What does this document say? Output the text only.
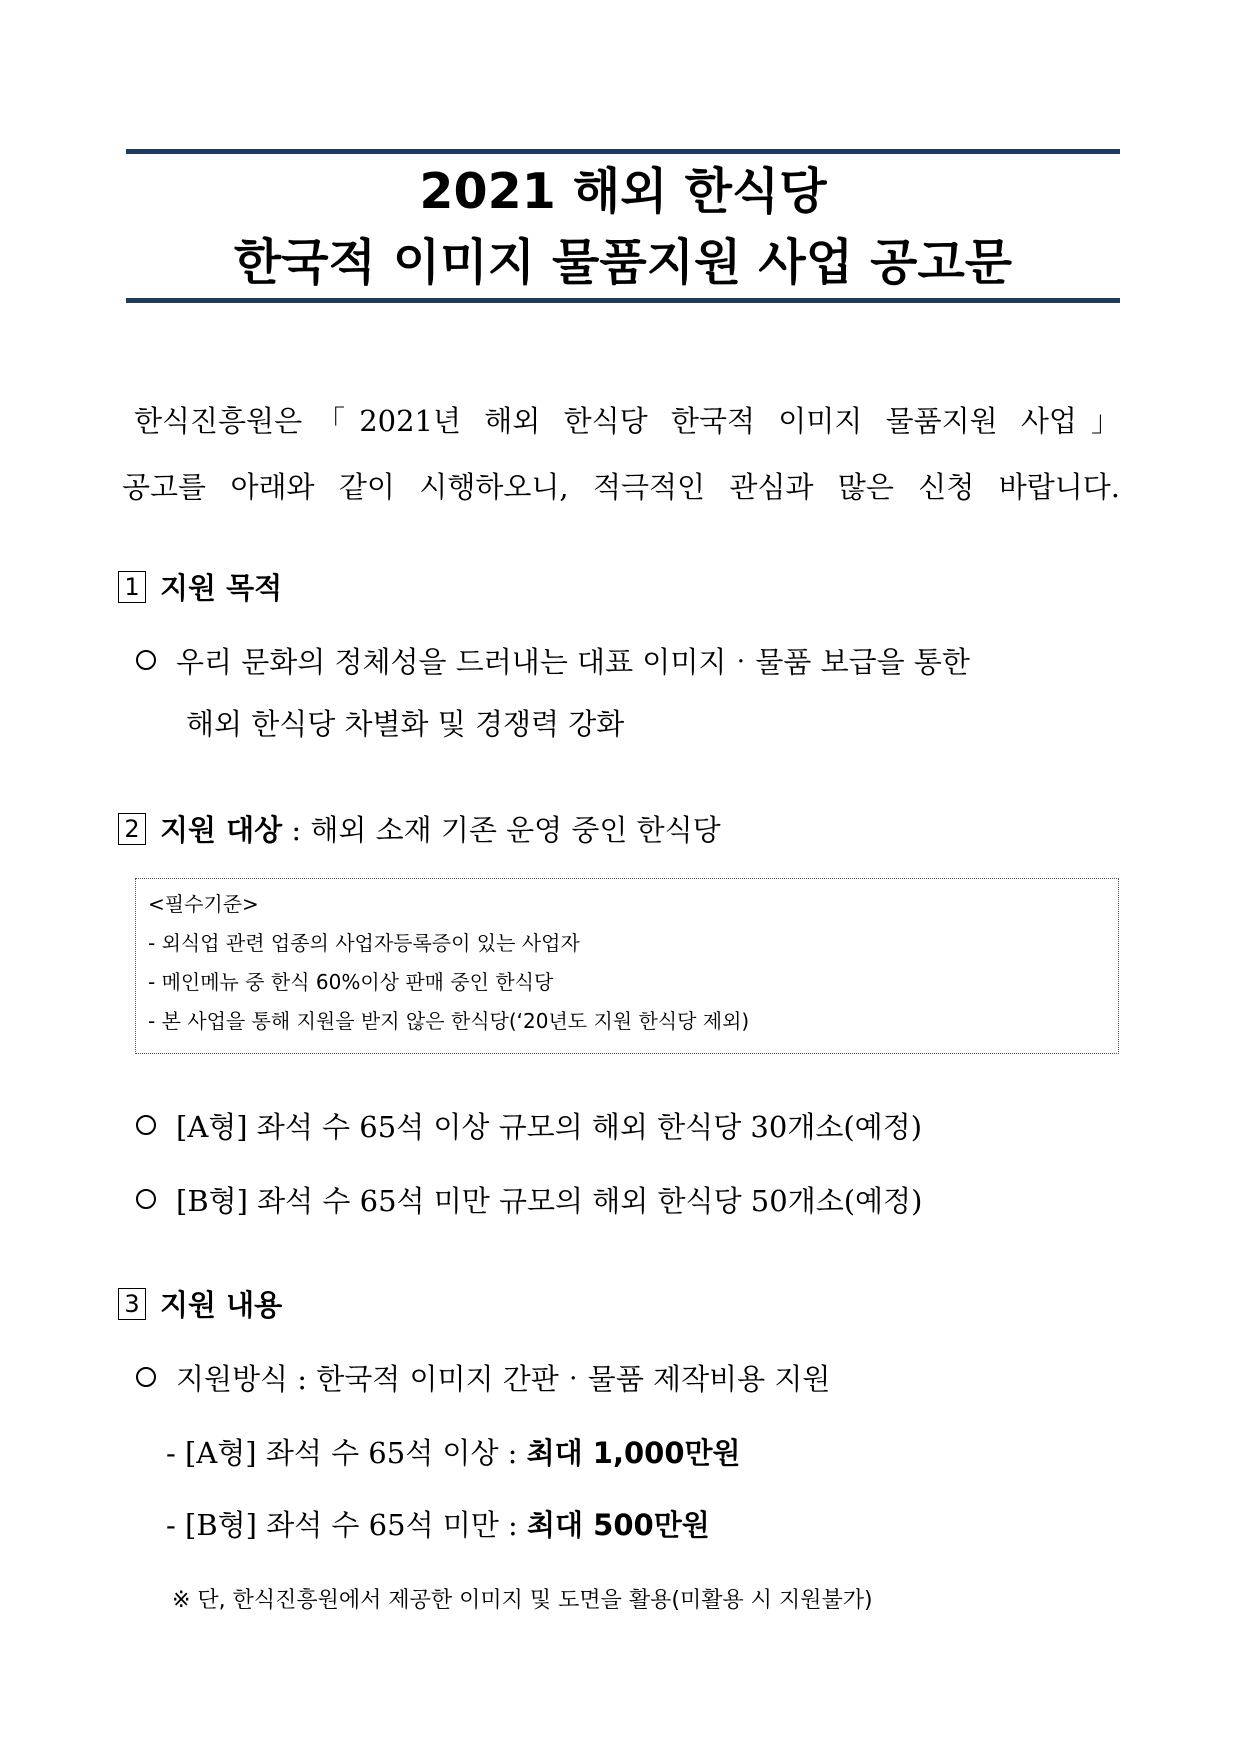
2021 해외 한식당
한국적 이미지 물품지원 사업 공고문
한식진흥원은「2021년 해외 한식당 한국적 이미지 물품지원 사업」
공고를 아래와 같이 시행하오니, 적극적인 관심과 많은 신청 바랍니다.
1 지원 목적
우리 문화의 정체성을 드러내는 대표 이미지‧물품 보급을 통한
해외 한식당 차별화 및 경쟁력 강화
2 지원 대상 : 해외 소재 기존 운영 중인 한식당
<필수기준>
- 외식업 관련 업종의 사업자등록증이 있는 사업자
- 메인메뉴 중 한식 60%이상 판매 중인 한식당
- 본 사업을 통해 지원을 받지 않은 한식당(‘20년도 지원 한식당 제외)
[A형] 좌석 수 65석 이상 규모의 해외 한식당 30개소(예정)
[B형] 좌석 수 65석 미만 규모의 해외 한식당 50개소(예정)
3 지원 내용
지원방식 : 한국적 이미지 간판‧물품 제작비용 지원
- [A형] 좌석 수 65석 이상 : 최대 1,000만원
- [B형] 좌석 수 65석 미만 : 최대 500만원
※ 단, 한식진흥원에서 제공한 이미지 및 도면을 활용(미활용 시 지원불가)
